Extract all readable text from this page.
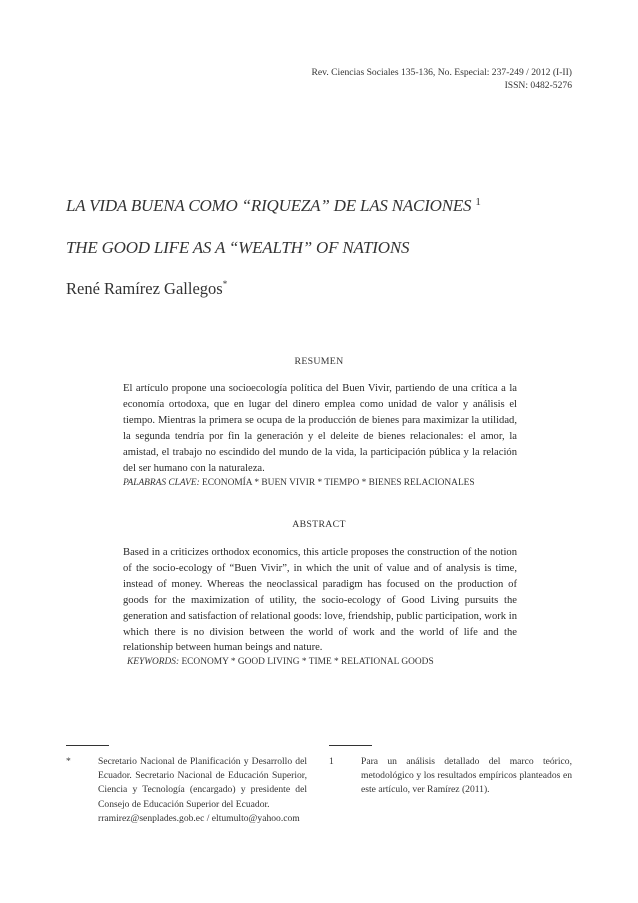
Rev. Ciencias Sociales 135-136, No. Especial: 237-249 / 2012 (I-II)
ISSN: 0482-5276
LA VIDA BUENA COMO “RIQUEZA” DE LAS NACIONES $^1$
THE GOOD LIFE AS A “WEALTH” OF NATIONS
René Ramírez Gallegos*
RESUMEN
El artículo propone una socioecología política del Buen Vivir, partiendo de una crítica a la economía ortodoxa, que en lugar del dinero emplea como unidad de valor y análisis el tiempo. Mientras la primera se ocupa de la producción de bienes para maximizar la utilidad, la segunda tendría por fin la generación y el deleite de bienes relacionales: el amor, la amistad, el trabajo no escindido del mundo de la vida, la participación pública y la relación del ser humano con la naturaleza.
PALABRAS CLAVE: ECONOMÍA * BUEN VIVIR * TIEMPO * BIENES RELACIONALES
ABSTRACT
Based in a criticizes orthodox economics, this article proposes the construction of the notion of the socio-ecology of “Buen Vivir”, in which the unit of value and of analysis is time, instead of money. Whereas the neoclassical paradigm has focused on the production of goods for the maximization of utility, the socio-ecology of Good Living pursuits the generation and satisfaction of relational goods: love, friendship, public participation, work in which there is no division between the world of work and the world of life and the relationship between human beings and nature.
KEYWORDS: ECONOMY * GOOD LIVING * TIME * RELATIONAL GOODS
*	Secretario Nacional de Planificación y Desarrollo del Ecuador. Secretario Nacional de Educación Superior, Ciencia y Tecnología (encargado) y presidente del Consejo de Educación Superior del Ecuador.
rramirez@senplades.gob.ec / eltumulto@yahoo.com
1	Para un análisis detallado del marco teórico, metodológico y los resultados empíricos planteados en este artículo, ver Ramírez (2011).
